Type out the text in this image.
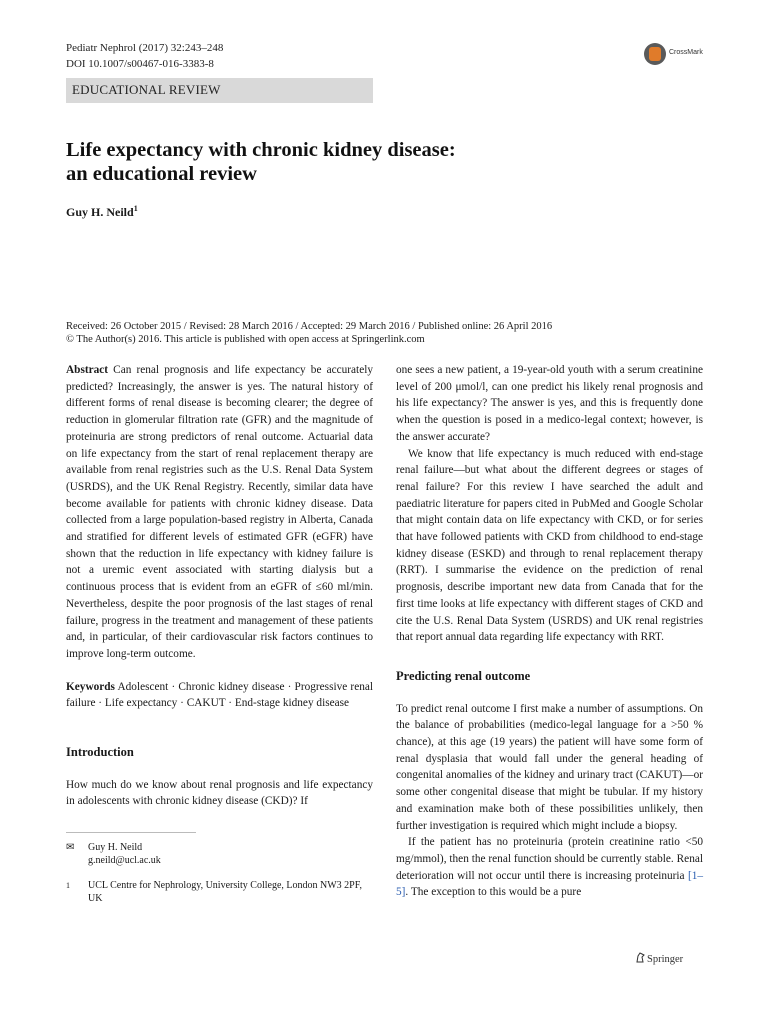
Pediatr Nephrol (2017) 32:243–248
DOI 10.1007/s00467-016-3383-8
CrossMark
EDUCATIONAL REVIEW
Life expectancy with chronic kidney disease:
an educational review
Guy H. Neild$^1$
Received: 26 October 2015 / Revised: 28 March 2016 / Accepted: 29 March 2016 / Published online: 26 April 2016
© The Author(s) 2016. This article is published with open access at Springerlink.com

Abstract Can renal prognosis and life expectancy be accurately predicted? Increasingly, the answer is yes. The natural history of different forms of renal disease is becoming clearer; the degree of reduction in glomerular filtration rate (GFR) and the magnitude of proteinuria are strong predictors of renal outcome. Actuarial data on life expectancy from the start of renal replacement therapy are available from renal registries such as the U.S. Renal Data System (USRDS), and the UK Renal Registry. Recently, similar data have become available for patients with chronic kidney disease. Data collected from a large population-based registry in Alberta, Canada and stratified for different levels of estimated GFR (eGFR) have shown that the reduction in life expectancy with kidney failure is not a uremic event associated with starting dialysis but a continuous process that is evident from an eGFR of ≤60 ml/min. Nevertheless, despite the poor prognosis of the last stages of renal failure, progress in the treatment and management of these patients and, in particular, of their cardiovascular risk factors continues to improve long-term outcome.

Keywords Adolescent · Chronic kidney disease · Progressive renal failure · Life expectancy · CAKUT · End-stage kidney disease

Introduction

How much do we know about renal prognosis and life expectancy in adolescents with chronic kidney disease (CKD)? If

✉	Guy H. Neild
g.neild@ucl.ac.uk
1	UCL Centre for Nephrology, University College, London NW3 2PF, UK

one sees a new patient, a 19-year-old youth with a serum creatinine level of 200 μmol/l, can one predict his likely renal prognosis and his life expectancy? The answer is yes, and this is frequently done when the question is posed in a medico-legal context; however, is the answer accurate?

We know that life expectancy is much reduced with end-stage renal failure—but what about the different degrees or stages of renal failure? For this review I have searched the adult and paediatric literature for papers cited in PubMed and Google Scholar that might contain data on life expectancy with CKD, or for series that have followed patients with CKD from childhood to end-stage kidney disease (ESKD) and through to renal replacement therapy (RRT). I summarise the evidence on the prediction of renal prognosis, describe important new data from Canada that for the first time looks at life expectancy with different stages of CKD and cite the U.S. Renal Data System (USRDS) and UK renal registries that report annual data regarding life expectancy with RRT.

Predicting renal outcome

To predict renal outcome I first make a number of assumptions. On the balance of probabilities (medico-legal language for a >50 % chance), at this age (19 years) the patient will have some form of renal dysplasia that would fall under the general heading of congenital anomalies of the kidney and urinary tract (CAKUT)—or some other congenital disease that might be tubular. If my history and examination make both of these possibilities unlikely, then further investigation is required which might include a biopsy.

If the patient has no proteinuria (protein creatinine ratio <50 mg/mmol), then the renal function should be currently stable. Renal deterioration will not occur until there is increasing proteinuria [1–5]. The exception to this would be a pure

Springer
